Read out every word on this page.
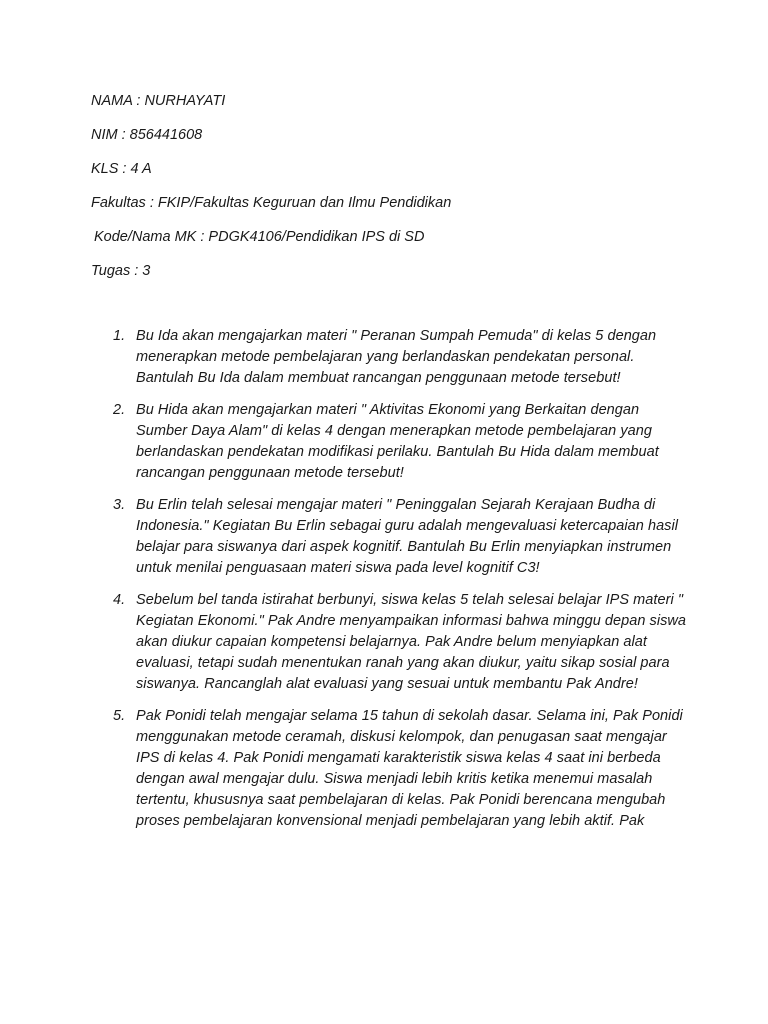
NAMA : NURHAYATI
NIM : 856441608
KLS : 4 A
Fakultas : FKIP/Fakultas Keguruan dan Ilmu Pendidikan
Kode/Nama MK : PDGK4106/Pendidikan IPS di SD
Tugas : 3
1. Bu Ida akan mengajarkan materi " Peranan Sumpah Pemuda" di kelas 5 dengan menerapkan metode pembelajaran yang berlandaskan pendekatan personal. Bantulah Bu Ida dalam membuat rancangan penggunaan metode tersebut!
2. Bu Hida akan mengajarkan materi " Aktivitas Ekonomi yang Berkaitan dengan Sumber Daya Alam" di kelas 4 dengan menerapkan metode pembelajaran yang berlandaskan pendekatan modifikasi perilaku. Bantulah Bu Hida dalam membuat rancangan penggunaan metode tersebut!
3. Bu Erlin telah selesai mengajar materi " Peninggalan Sejarah Kerajaan Budha di Indonesia." Kegiatan Bu Erlin sebagai guru adalah mengevaluasi ketercapaian hasil belajar para siswanya dari aspek kognitif. Bantulah Bu Erlin menyiapkan instrumen untuk menilai penguasaan materi siswa pada level kognitif C3!
4. Sebelum bel tanda istirahat berbunyi, siswa kelas 5 telah selesai belajar IPS materi " Kegiatan Ekonomi." Pak Andre menyampaikan informasi bahwa minggu depan siswa akan diukur capaian kompetensi belajarnya. Pak Andre belum menyiapkan alat evaluasi, tetapi sudah menentukan ranah yang akan diukur, yaitu sikap sosial para siswanya. Rancanglah alat evaluasi yang sesuai untuk membantu Pak Andre!
5. Pak Ponidi telah mengajar selama 15 tahun di sekolah dasar. Selama ini, Pak Ponidi menggunakan metode ceramah, diskusi kelompok, dan penugasan saat mengajar IPS di kelas 4. Pak Ponidi mengamati karakteristik siswa kelas 4 saat ini berbeda dengan awal mengajar dulu. Siswa menjadi lebih kritis ketika menemui masalah tertentu, khususnya saat pembelajaran di kelas. Pak Ponidi berencana mengubah proses pembelajaran konvensional menjadi pembelajaran yang lebih aktif. Pak
